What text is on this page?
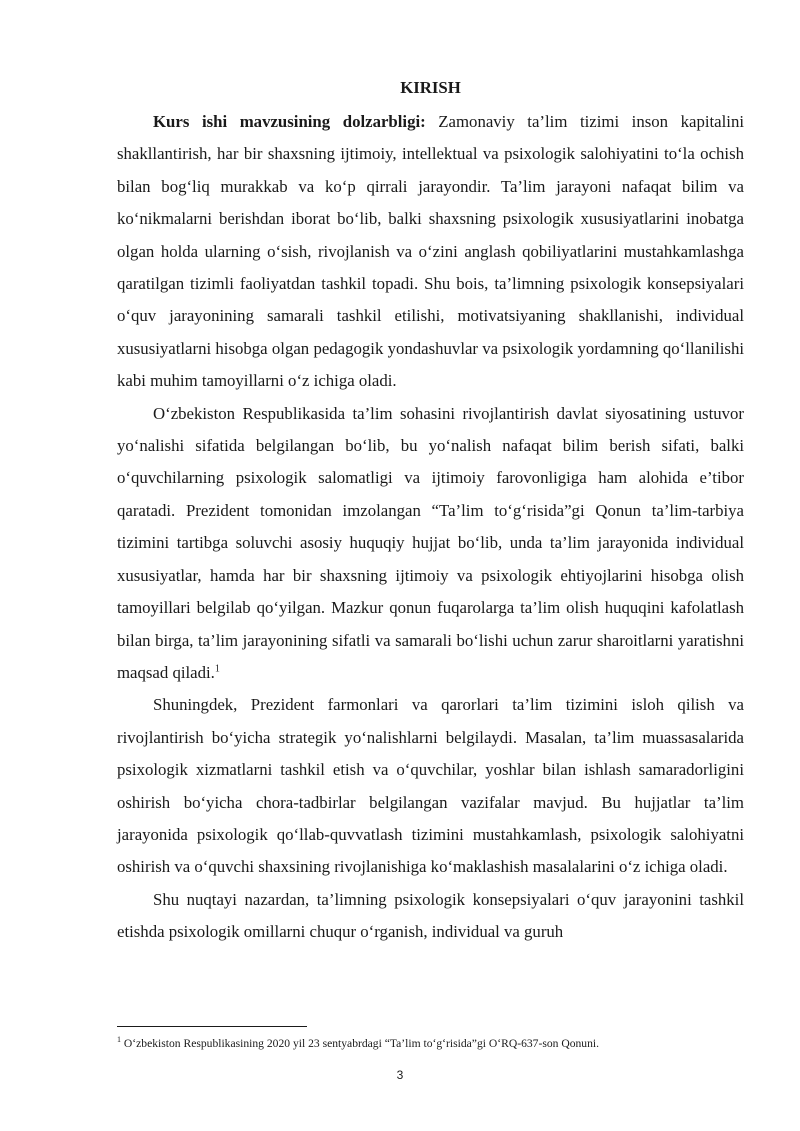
KIRISH

Kurs ishi mavzusining dolzarbligi: Zamonaviy ta’lim tizimi inson kapitalini shakllantirish, har bir shaxsning ijtimoiy, intellektual va psixologik salohiyatini to‘la ochish bilan bog‘liq murakkab va ko‘p qirrali jarayondir. Ta’lim jarayoni nafaqat bilim va ko‘nikmalarni berishdan iborat bo‘lib, balki shaxsning psixologik xususiyatlarini inobatga olgan holda ularning o‘sish, rivojlanish va o‘zini anglash qobiliyatlarini mustahkamlashga qaratilgan tizimli faoliyatdan tashkil topadi. Shu bois, ta’limning psixologik konsepsiyalari o‘quv jarayonining samarali tashkil etilishi, motivatsiyaning shakllanishi, individual xususiyatlarni hisobga olgan pedagogik yondashuvlar va psixologik yordamning qo‘llanilishi kabi muhim tamoyillarni o‘z ichiga oladi.

O‘zbekiston Respublikasida ta’lim sohasini rivojlantirish davlat siyosatining ustuvor yo‘nalishi sifatida belgilangan bo‘lib, bu yo‘nalish nafaqat bilim berish sifati, balki o‘quvchilarning psixologik salomatligi va ijtimoiy farovonligiga ham alohida e’tibor qaratadi. Prezident tomonidan imzolangan “Ta’lim to‘g‘risida”gi Qonun ta’lim-tarbiya tizimini tartibga soluvchi asosiy huquqiy hujjat bo‘lib, unda ta’lim jarayonida individual xususiyatlar, hamda har bir shaxsning ijtimoiy va psixologik ehtiyojlarini hisobga olish tamoyillari belgilab qo‘yilgan. Mazkur qonun fuqarolarga ta’lim olish huquqini kafolatlash bilan birga, ta’lim jarayonining sifatli va samarali bo‘lishi uchun zarur sharoitlarni yaratishni maqsad qiladi.$^1$

Shuningdek, Prezident farmonlari va qarorlari ta’lim tizimini isloh qilish va rivojlantirish bo‘yicha strategik yo‘nalishlarni belgilaydi. Masalan, ta’lim muassasalarida psixologik xizmatlarni tashkil etish va o‘quvchilar, yoshlar bilan ishlash samaradorligini oshirish bo‘yicha chora-tadbirlar belgilangan vazifalar mavjud. Bu hujjatlar ta’lim jarayonida psixologik qo‘llab-quvvatlash tizimini mustahkamlash, psixologik salohiyatni oshirish va o‘quvchi shaxsining rivojlanishiga ko‘maklashish masalalarini o‘z ichiga oladi.

Shu nuqtayi nazardan, ta’limning psixologik konsepsiyalari o‘quv jarayonini tashkil etishda psixologik omillarni chuqur o‘rganish, individual va guruh

$^1$ O‘zbekiston Respublikasining 2020 yil 23 sentyabrdagi “Ta’lim to‘g‘risida”gi O‘RQ-637-son Qonuni.

3
